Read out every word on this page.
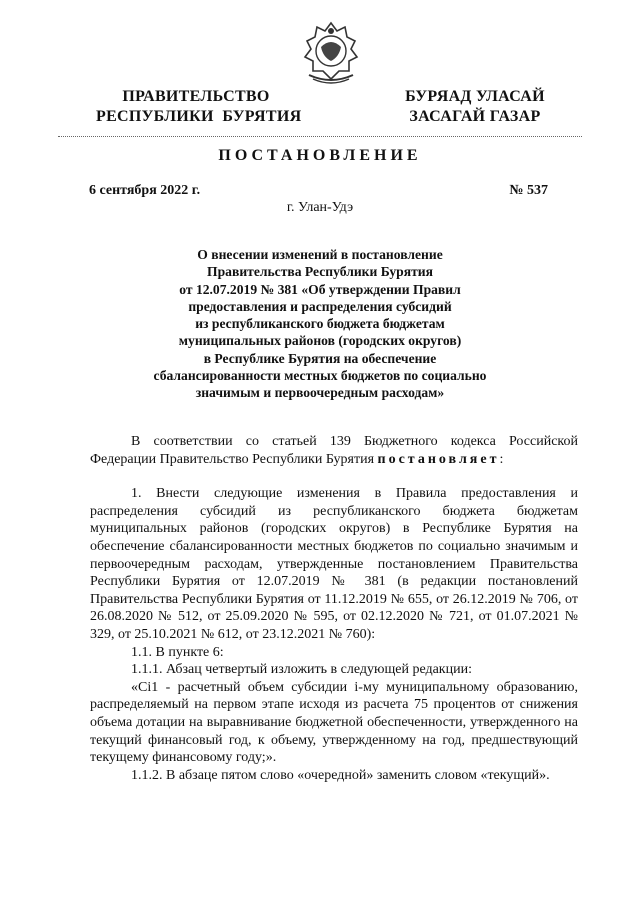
ПРАВИТЕЛЬСТВО
РЕСПУБЛИКИ  БУРЯТИЯ
БУРЯАД УЛАСАЙ
ЗАСАГАЙ ГАЗАР
ПОСТАНОВЛЕНИЕ
6 сентября 2022 г.	№ 537
г. Улан-Удэ
О внесении изменений в постановление
Правительства Республики Бурятия
от 12.07.2019 № 381 «Об утверждении Правил
предоставления и распределения субсидий
из республиканского бюджета бюджетам
муниципальных районов (городских округов)
в Республике Бурятия на обеспечение
сбалансированности местных бюджетов по социально
значимым и первоочередным расходам»

В соответствии со статьей 139 Бюджетного кодекса Российской Федерации Правительство Республики Бурятия постановляет:

1. Внести следующие изменения в Правила предоставления и распределения субсидий из республиканского бюджета бюджетам муниципальных районов (городских округов) в Республике Бурятия на обеспечение сбалансированности местных бюджетов по социально значимым и первоочередным расходам, утвержденные постановлением Правительства Республики Бурятия от 12.07.2019 № 381 (в редакции постановлений Правительства Республики Бурятия от 11.12.2019 № 655, от 26.12.2019 № 706, от 26.08.2020 № 512, от 25.09.2020 № 595, от 02.12.2020 № 721, от 01.07.2021 № 329, от 25.10.2021 № 612, от 23.12.2021 № 760):

1.1. В пункте 6:

1.1.1. Абзац четвертый изложить в следующей редакции:

«Ci1 - расчетный объем субсидии i-му муниципальному образованию, распределяемый на первом этапе исходя из расчета 75 процентов от снижения объема дотации на выравнивание бюджетной обеспеченности, утвержденного на текущий финансовый год, к объему, утвержденному на год, предшествующий текущему финансовому году;».

1.1.2. В абзаце пятом слово «очередной» заменить словом «текущий».
